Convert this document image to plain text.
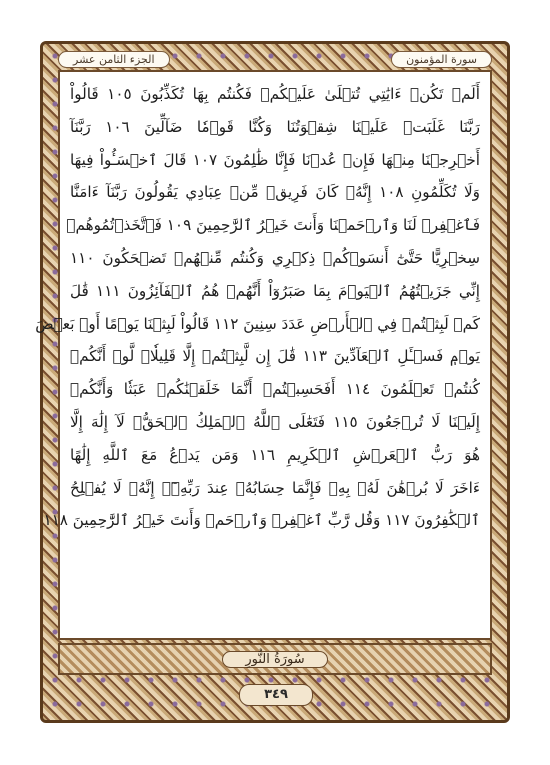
الجزء الثامن عشر	سورة المؤمنون
أَلَمۡ تَكُنۡ ءَايَٰتِي تُتۡلَىٰ عَلَيۡكُمۡ فَكُنتُم بِهَا تُكَذِّبُونَ ١٠٥ قَالُواْ
رَبَّنَا غَلَبَتۡ عَلَيۡنَا شِقۡوَتُنَا وَكُنَّا قَوۡمٗا ضَآلِّينَ ١٠٦ رَبَّنَآ
أَخۡرِجۡنَا مِنۡهَا فَإِنۡ عُدۡنَا فَإِنَّا ظَٰلِمُونَ ١٠٧ قَالَ ٱخۡسَـُٔواْ فِيهَا
وَلَا تُكَلِّمُونِ ١٠٨ إِنَّهُۥ كَانَ فَرِيقٞ مِّنۡ عِبَادِي يَقُولُونَ رَبَّنَآ ءَامَنَّا
فَٱغۡفِرۡ لَنَا وَٱرۡحَمۡنَا وَأَنتَ خَيۡرُ ٱلرَّٰحِمِينَ ١٠٩ فَٱتَّخَذۡتُمُوهُمۡ
سِخۡرِيًّا حَتَّىٰٓ أَنسَوۡكُمۡ ذِكۡرِي وَكُنتُم مِّنۡهُمۡ تَضۡحَكُونَ ١١٠
إِنِّي جَزَيۡتُهُمُ ٱلۡيَوۡمَ بِمَا صَبَرُوٓاْ أَنَّهُمۡ هُمُ ٱلۡفَآئِزُونَ ١١١ قَٰلَ
كَمۡ لَبِثۡتُمۡ فِي ٱلۡأَرۡضِ عَدَدَ سِنِينَ ١١٢ قَالُواْ لَبِثۡنَا يَوۡمًا أَوۡ بَعۡضَ
يَوۡمٖ فَسۡـَٔلِ ٱلۡعَآدِّينَ ١١٣ قَٰلَ إِن لَّبِثۡتُمۡ إِلَّا قَلِيلٗاۖ لَّوۡ أَنَّكُمۡ
كُنتُمۡ تَعۡلَمُونَ ١١٤ أَفَحَسِبۡتُمۡ أَنَّمَا خَلَقۡنَٰكُمۡ عَبَثٗا وَأَنَّكُمۡ
إِلَيۡنَا لَا تُرۡجَعُونَ ١١٥ فَتَعَٰلَى ٱللَّهُ ٱلۡمَلِكُ ٱلۡحَقُّۖ لَآ إِلَٰهَ إِلَّا
هُوَ رَبُّ ٱلۡعَرۡشِ ٱلۡكَرِيمِ ١١٦ وَمَن يَدۡعُ مَعَ ٱللَّهِ إِلَٰهًا
ءَاخَرَ لَا بُرۡهَٰنَ لَهُۥ بِهِۦ فَإِنَّمَا حِسَابُهُۥ عِندَ رَبِّهِۦٓۚ إِنَّهُۥ لَا يُفۡلِحُ
ٱلۡكَٰفِرُونَ ١١٧ وَقُل رَّبِّ ٱغۡفِرۡ وَٱرۡحَمۡ وَأَنتَ خَيۡرُ ٱلرَّٰحِمِينَ ١١٨
سُورَةُ النُّورِ
٣٤٩
